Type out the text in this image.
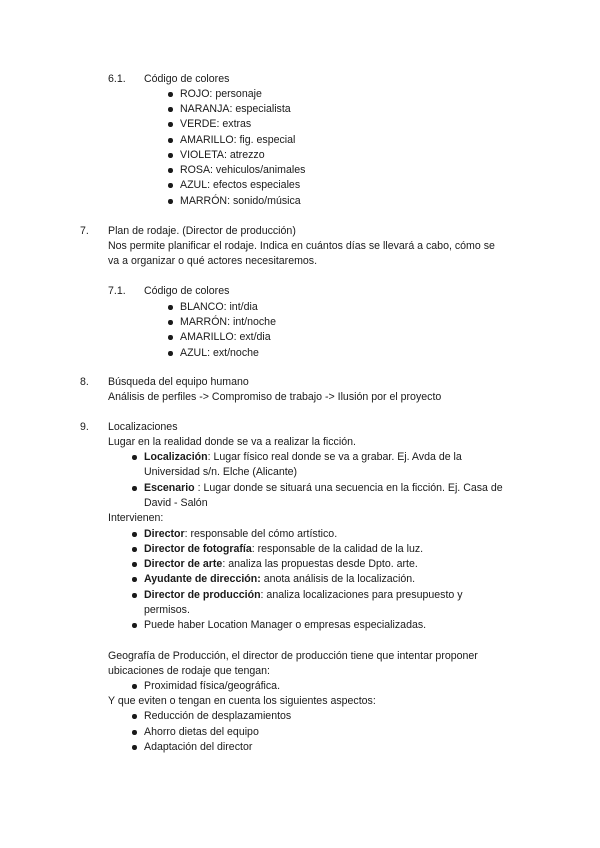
6.1. Código de colores
ROJO: personaje
NARANJA: especialista
VERDE: extras
AMARILLO: fig. especial
VIOLETA: atrezzo
ROSA: vehiculos/animales
AZUL: efectos especiales
MARRÓN: sonido/música
7. Plan de rodaje. (Director de producción)
Nos permite planificar el rodaje. Indica en cuántos días se llevará a cabo, cómo se
va a organizar o qué actores necesitaremos.
7.1. Código de colores
BLANCO: int/dia
MARRÓN: int/noche
AMARILLO: ext/dia
AZUL: ext/noche
8. Búsqueda del equipo humano
Análisis de perfiles -> Compromiso de trabajo -> Ilusión por el proyecto
9. Localizaciones
Lugar en la realidad donde se va a realizar la ficción.
Localización: Lugar físico real donde se va a grabar. Ej. Avda de la
Universidad s/n. Elche (Alicante)
Escenario : Lugar donde se situará una secuencia en la ficción. Ej. Casa de
David - Salón
Intervienen:
Director: responsable del cómo artístico.
Director de fotografía: responsable de la calidad de la luz.
Director de arte: analiza las propuestas desde Dpto. arte.
Ayudante de dirección: anota análisis de la localización.
Director de producción: analiza localizaciones para presupuesto y
permisos.
Puede haber Location Manager o empresas especializadas.
Geografía de Producción, el director de producción tiene que intentar proponer
ubicaciones de rodaje que tengan:
Proximidad física/geográfica.
Y que eviten o tengan en cuenta los siguientes aspectos:
Reducción de desplazamientos
Ahorro dietas del equipo
Adaptación del director
